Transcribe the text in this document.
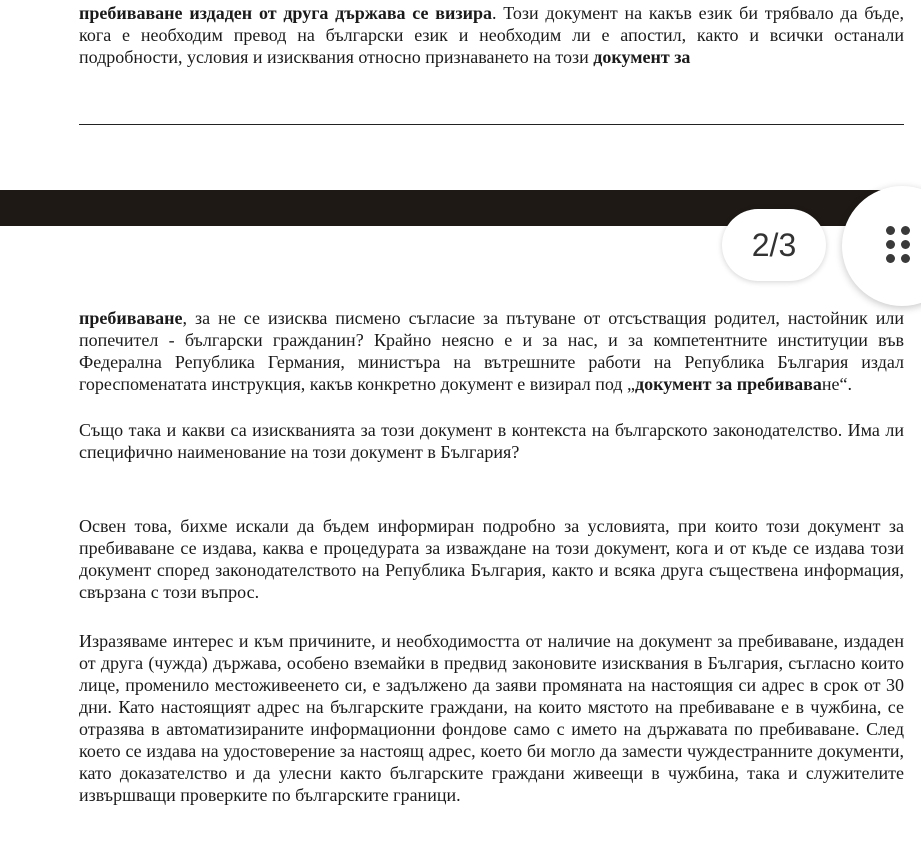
пребиваване издаден от друга държава се визира. Този документ на какъв език би трябвало да бъде, кога е необходим превод на български език и необходим ли е апостил, както и всички останали подробности, условия и изисквания относно признаването на този документ за

2/3

пребиваване, за не се изисква писмено съгласие за пътуване от отсъстващия родител, настойник или попечител - български гражданин? Крайно неясно е и за нас, и за компетентните институции във Федерална Република Германия, министъра на вътрешните работи на Република България издал гореспоменатата инструкция, какъв конкретно документ е визирал под „документ за пребиваване“.

Също така и какви са изискванията за този документ в контекста на българското законодателство. Има ли специфично наименование на този документ в България?

Освен това, бихме искали да бъдем информиран подробно за условията, при които този документ за пребиваване се издава, каква е процедурата за изваждане на този документ, кога и от къде се издава този документ според законодателството на Република България, както и всяка друга съществена информация, свързана с този въпрос.

Изразяваме интерес и към причините, и необходимостта от наличие на документ за пребиваване, издаден от друга (чужда) държава, особено вземайки в предвид законовите изисквания в България, съгласно които лице, променило местоживеенето си, е задължено да заяви промяната на настоящия си адрес в срок от 30 дни. Като настоящият адрес на българските граждани, на които мястото на пребиваване е в чужбина, се отразява в автоматизираните информационни фондове само с името на държавата по пребиваване. След което се издава на удостоверение за настоящ адрес, което би могло да замести чуждестранните документи, като доказателство и да улесни както българските граждани живеещи в чужбина, така и служителите извършващи проверките по българските граници.
